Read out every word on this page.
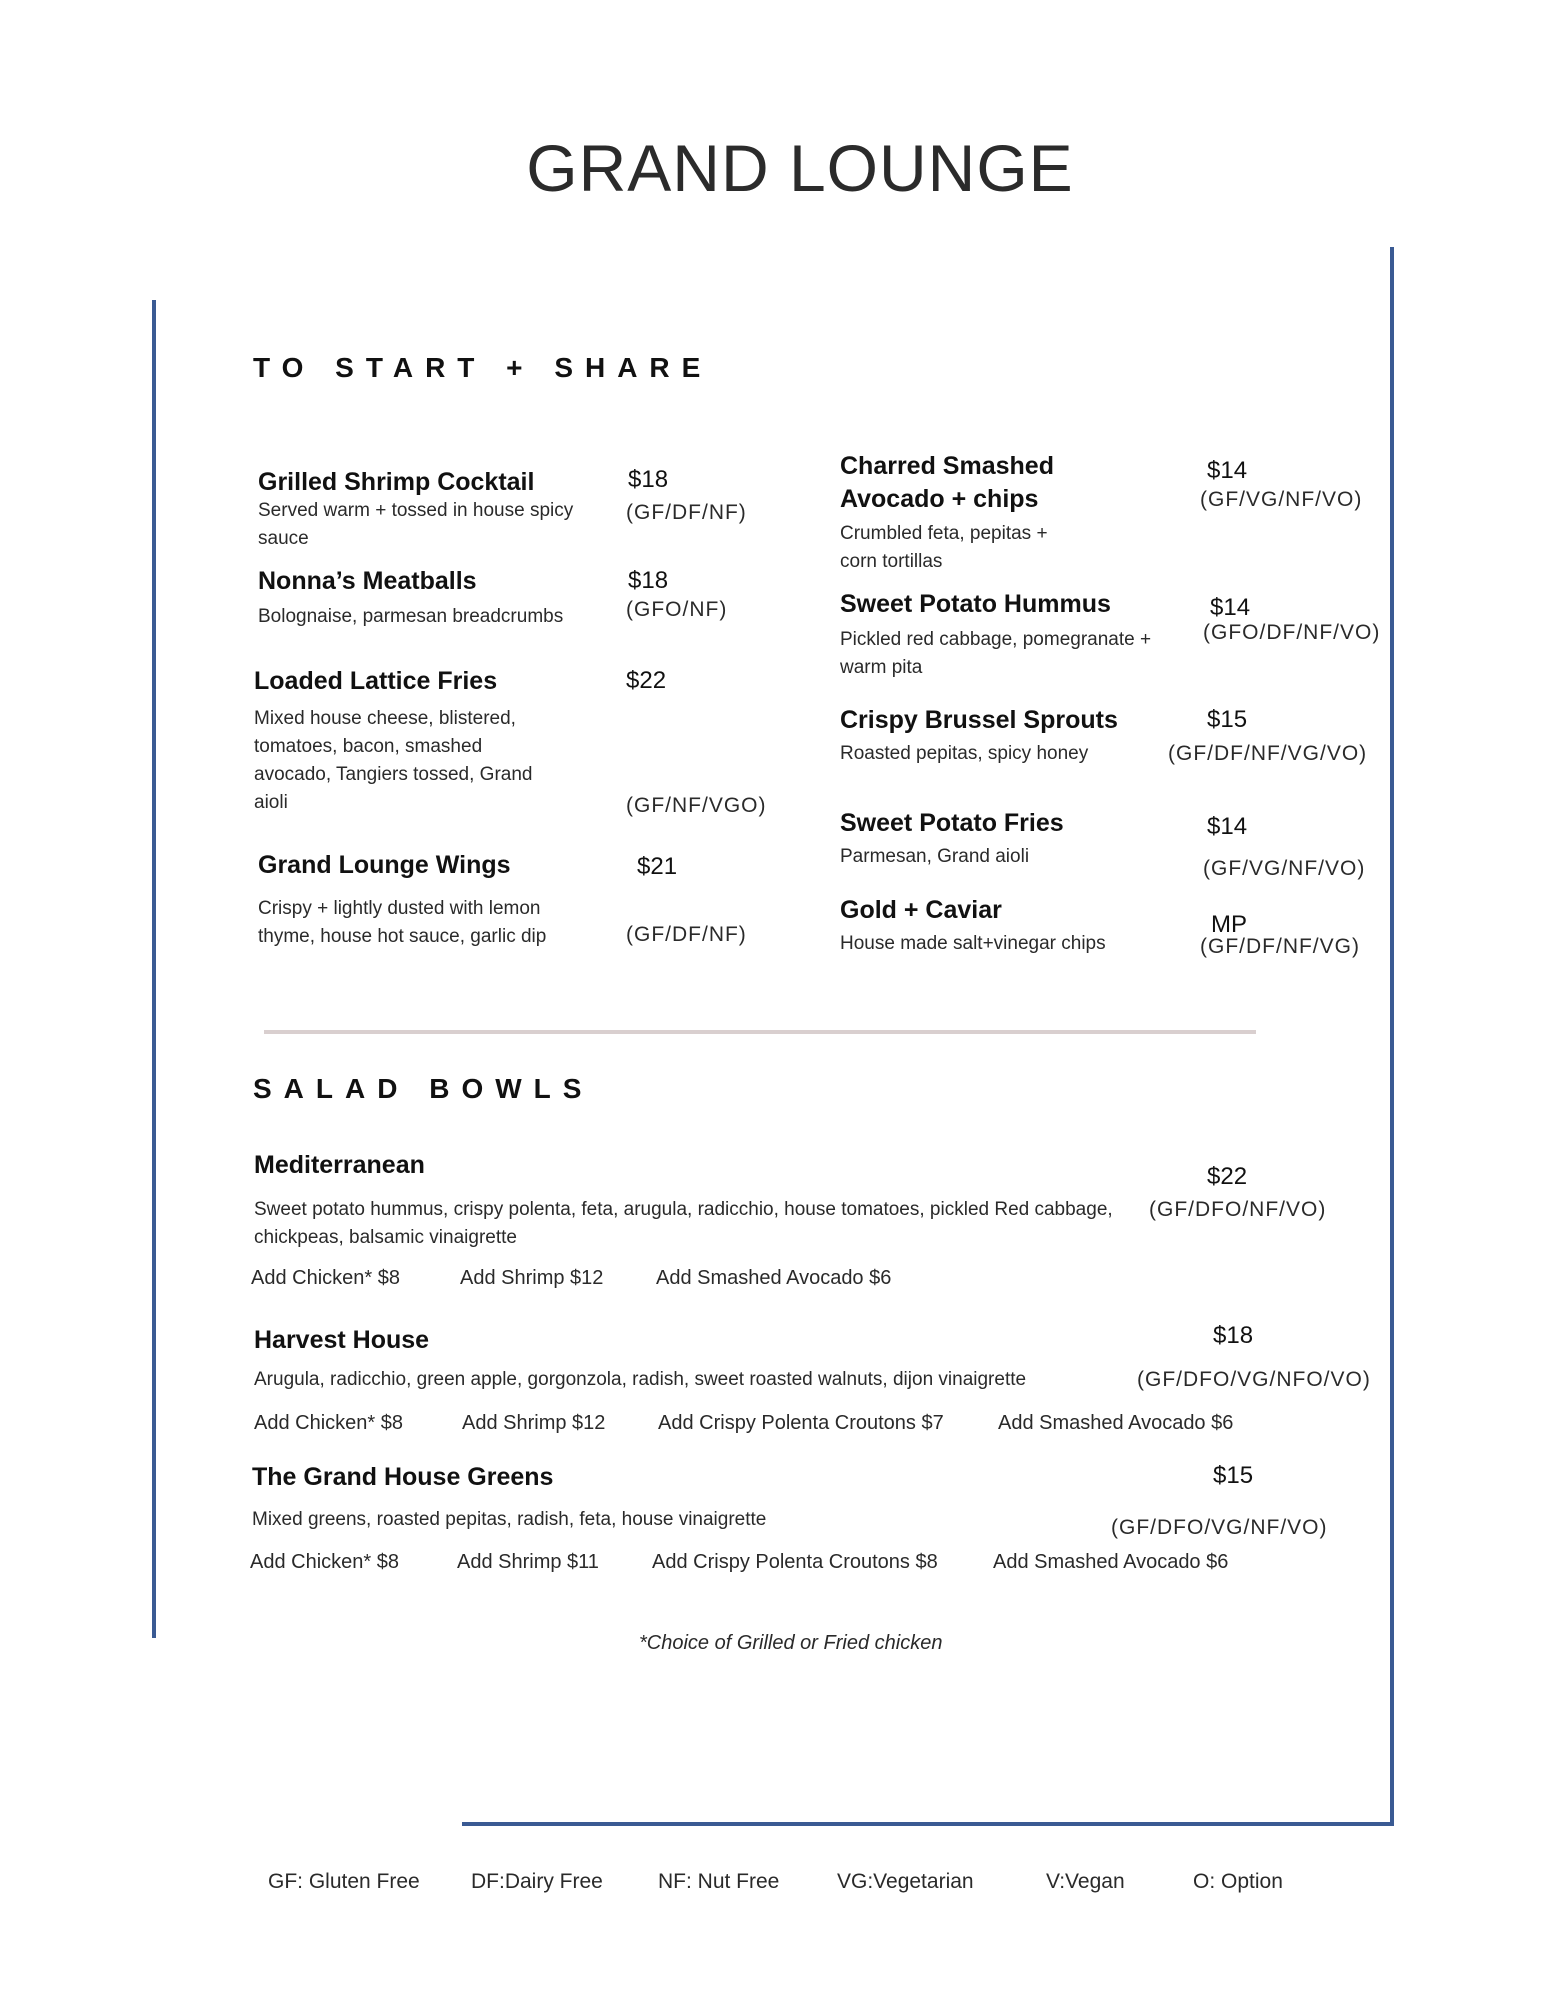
GRAND LOUNGE
TO START + SHARE
Grilled Shrimp Cocktail
Served warm + tossed in house spicy sauce
$18
(GF/DF/NF)
Nonna’s Meatballs
Bolognaise, parmesan breadcrumbs
$18
(GFO/NF)
Loaded Lattice Fries
Mixed house cheese, blistered, tomatoes, bacon, smashed avocado, Tangiers tossed, Grand aioli
$22
(GF/NF/VGO)
Grand Lounge Wings
Crispy + lightly dusted with lemon thyme, house hot sauce, garlic dip
$21
(GF/DF/NF)
Charred Smashed Avocado + chips
Crumbled feta, pepitas + corn tortillas
$14
(GF/VG/NF/VO)
Sweet Potato Hummus
Pickled red cabbage, pomegranate + warm pita
$14
(GFO/DF/NF/VO)
Crispy Brussel Sprouts
Roasted pepitas, spicy honey
$15
(GF/DF/NF/VG/VO)
Sweet Potato Fries
Parmesan, Grand aioli
$14
(GF/VG/NF/VO)
Gold + Caviar
House made salt+vinegar chips
MP
(GF/DF/NF/VG)
SALAD BOWLS
Mediterranean
Sweet potato hummus, crispy polenta, feta, arugula, radicchio, house tomatoes, pickled Red cabbage, chickpeas, balsamic vinaigrette
$22
(GF/DFO/NF/VO)
Add Chicken* $8	Add Shrimp $12	Add Smashed Avocado $6
Harvest House
Arugula, radicchio, green apple, gorgonzola, radish, sweet roasted walnuts, dijon vinaigrette
$18
(GF/DFO/VG/NFO/VO)
Add Chicken* $8	Add Shrimp $12	Add Crispy Polenta Croutons $7	Add Smashed Avocado $6
The Grand House Greens
Mixed greens, roasted pepitas, radish, feta, house vinaigrette
$15
(GF/DFO/VG/NF/VO)
Add Chicken* $8	Add Shrimp $11	Add Crispy Polenta Croutons $8	Add Smashed Avocado $6
*Choice of Grilled or Fried chicken
GF: Gluten Free DF:Dairy Free	NF: Nut Free	VG:Vegetarian	V:Vegan	O: Option
